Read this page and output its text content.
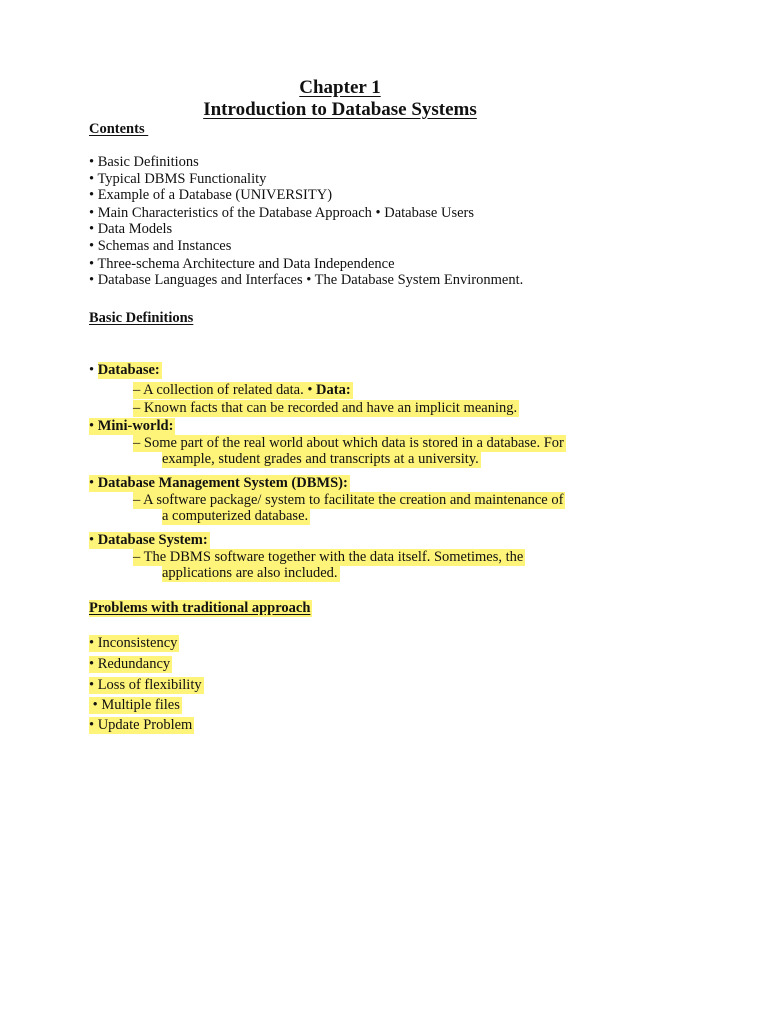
Chapter 1
Introduction to Database Systems
Contents
• Basic Definitions
• Typical DBMS Functionality
• Example of a Database (UNIVERSITY)
• Main Characteristics of the Database Approach • Database Users
• Data Models
• Schemas and Instances
• Three-schema Architecture and Data Independence
• Database Languages and Interfaces • The Database System Environment.
Basic Definitions
• Database:
– A collection of related data. • Data:
– Known facts that can be recorded and have an implicit meaning.
• Mini-world:
– Some part of the real world about which data is stored in a database. For
example, student grades and transcripts at a university.
• Database Management System (DBMS):
– A software package/ system to facilitate the creation and maintenance of
a computerized database.
• Database System:
– The DBMS software together with the data itself. Sometimes, the
applications are also included.
Problems with traditional approach
• Inconsistency
• Redundancy
• Loss of flexibility
• Multiple files
• Update Problem
